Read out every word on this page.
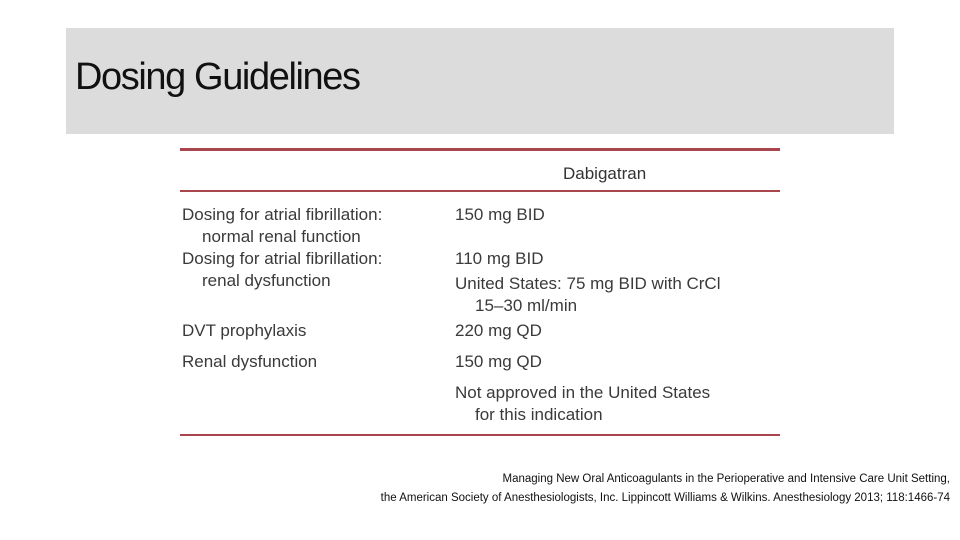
Dosing Guidelines
Dabigatran
Dosing for atrial fibrillation:
normal renal function
150 mg BID
Dosing for atrial fibrillation:
renal dysfunction
110 mg BID
United States: 75 mg BID with CrCl
15–30 ml/min
DVT prophylaxis	220 mg QD
Renal dysfunction	150 mg QD
Not approved in the United States
for this indication
Managing New Oral Anticoagulants in the Perioperative and Intensive Care Unit Setting,
the American Society of Anesthesiologists, Inc. Lippincott Williams & Wilkins. Anesthesiology 2013; 118:1466-74
